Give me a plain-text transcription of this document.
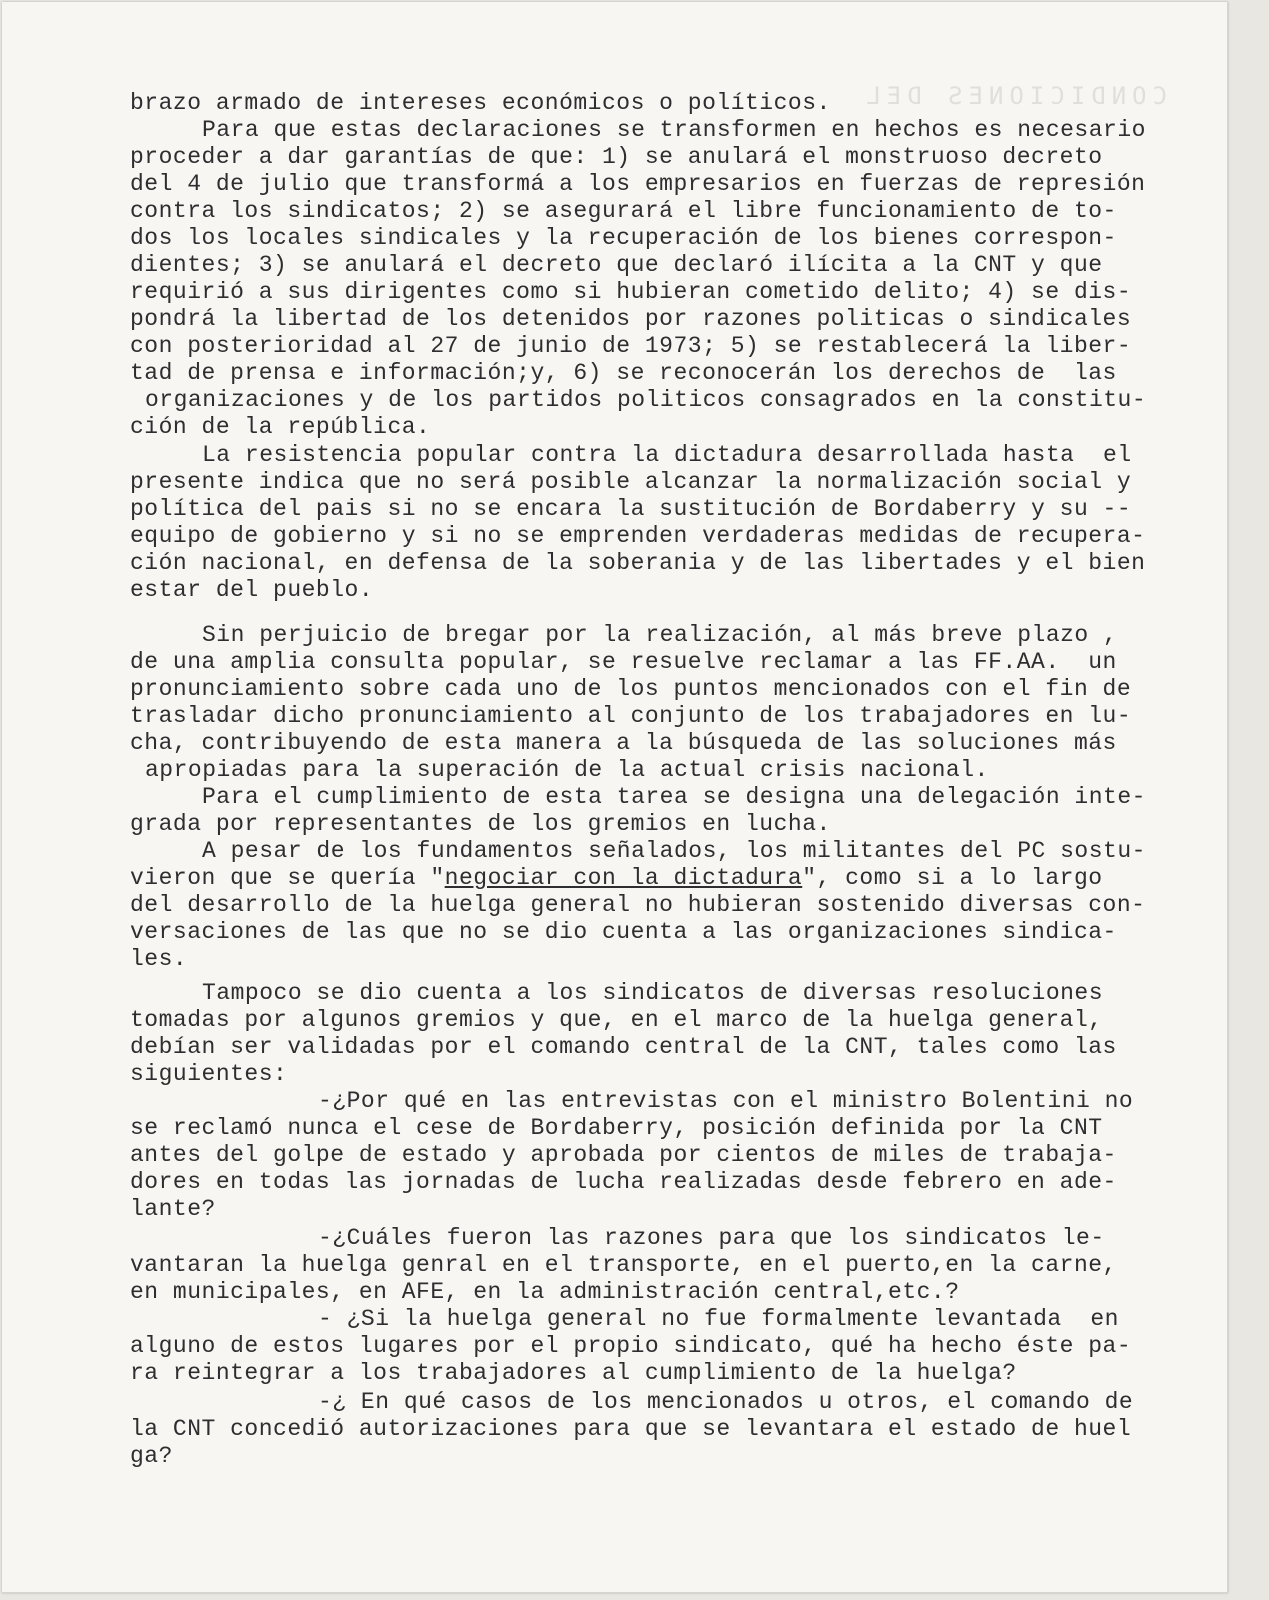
CONDICIONES DEL
brazo armado de intereses económicos o políticos.
Para que estas declaraciones se transformen en hechos es necesario
proceder a dar garantías de que: 1) se anulará el monstruoso decreto
del 4 de julio que transformá a los empresarios en fuerzas de represión
contra los sindicatos; 2) se asegurará el libre funcionamiento de to-
dos los locales sindicales y la recuperación de los bienes correspon-
dientes; 3) se anulará el decreto que declaró ilícita a la CNT y que
requirió a sus dirigentes como si hubieran cometido delito; 4) se dis-
pondrá la libertad de los detenidos por razones politicas o sindicales
con posterioridad al 27 de junio de 1973; 5) se restablecerá la liber-
tad de prensa e información;y, 6) se reconocerán los derechos de  las
organizaciones y de los partidos politicos consagrados en la constitu-
ción de la república.
La resistencia popular contra la dictadura desarrollada hasta  el
presente indica que no será posible alcanzar la normalización social y
política del pais si no se encara la sustitución de Bordaberry y su --
equipo de gobierno y si no se emprenden verdaderas medidas de recupera-
ción nacional, en defensa de la soberania y de las libertades y el bien
estar del pueblo.
Sin perjuicio de bregar por la realización, al más breve plazo ,
de una amplia consulta popular, se resuelve reclamar a las FF.AA.  un
pronunciamiento sobre cada uno de los puntos mencionados con el fin de
trasladar dicho pronunciamiento al conjunto de los trabajadores en lu-
cha, contribuyendo de esta manera a la búsqueda de las soluciones más
apropiadas para la superación de la actual crisis nacional.
Para el cumplimiento de esta tarea se designa una delegación inte-
grada por representantes de los gremios en lucha.
A pesar de los fundamentos señalados, los militantes del PC sostu-
vieron que se quería "negociar con la dictadura", como si a lo largo
del desarrollo de la huelga general no hubieran sostenido diversas con-
versaciones de las que no se dio cuenta a las organizaciones sindica-
les.
Tampoco se dio cuenta a los sindicatos de diversas resoluciones
tomadas por algunos gremios y que, en el marco de la huelga general,
debían ser validadas por el comando central de la CNT, tales como las
siguientes:
-¿Por qué en las entrevistas con el ministro Bolentini no
se reclamó nunca el cese de Bordaberry, posición definida por la CNT
antes del golpe de estado y aprobada por cientos de miles de trabaja-
dores en todas las jornadas de lucha realizadas desde febrero en ade-
lante?
-¿Cuáles fueron las razones para que los sindicatos le-
vantaran la huelga genral en el transporte, en el puerto,en la carne,
en municipales, en AFE, en la administración central,etc.?
- ¿Si la huelga general no fue formalmente levantada  en
alguno de estos lugares por el propio sindicato, qué ha hecho éste pa-
ra reintegrar a los trabajadores al cumplimiento de la huelga?
-¿ En qué casos de los mencionados u otros, el comando de
la CNT concedió autorizaciones para que se levantara el estado de huel
ga?
